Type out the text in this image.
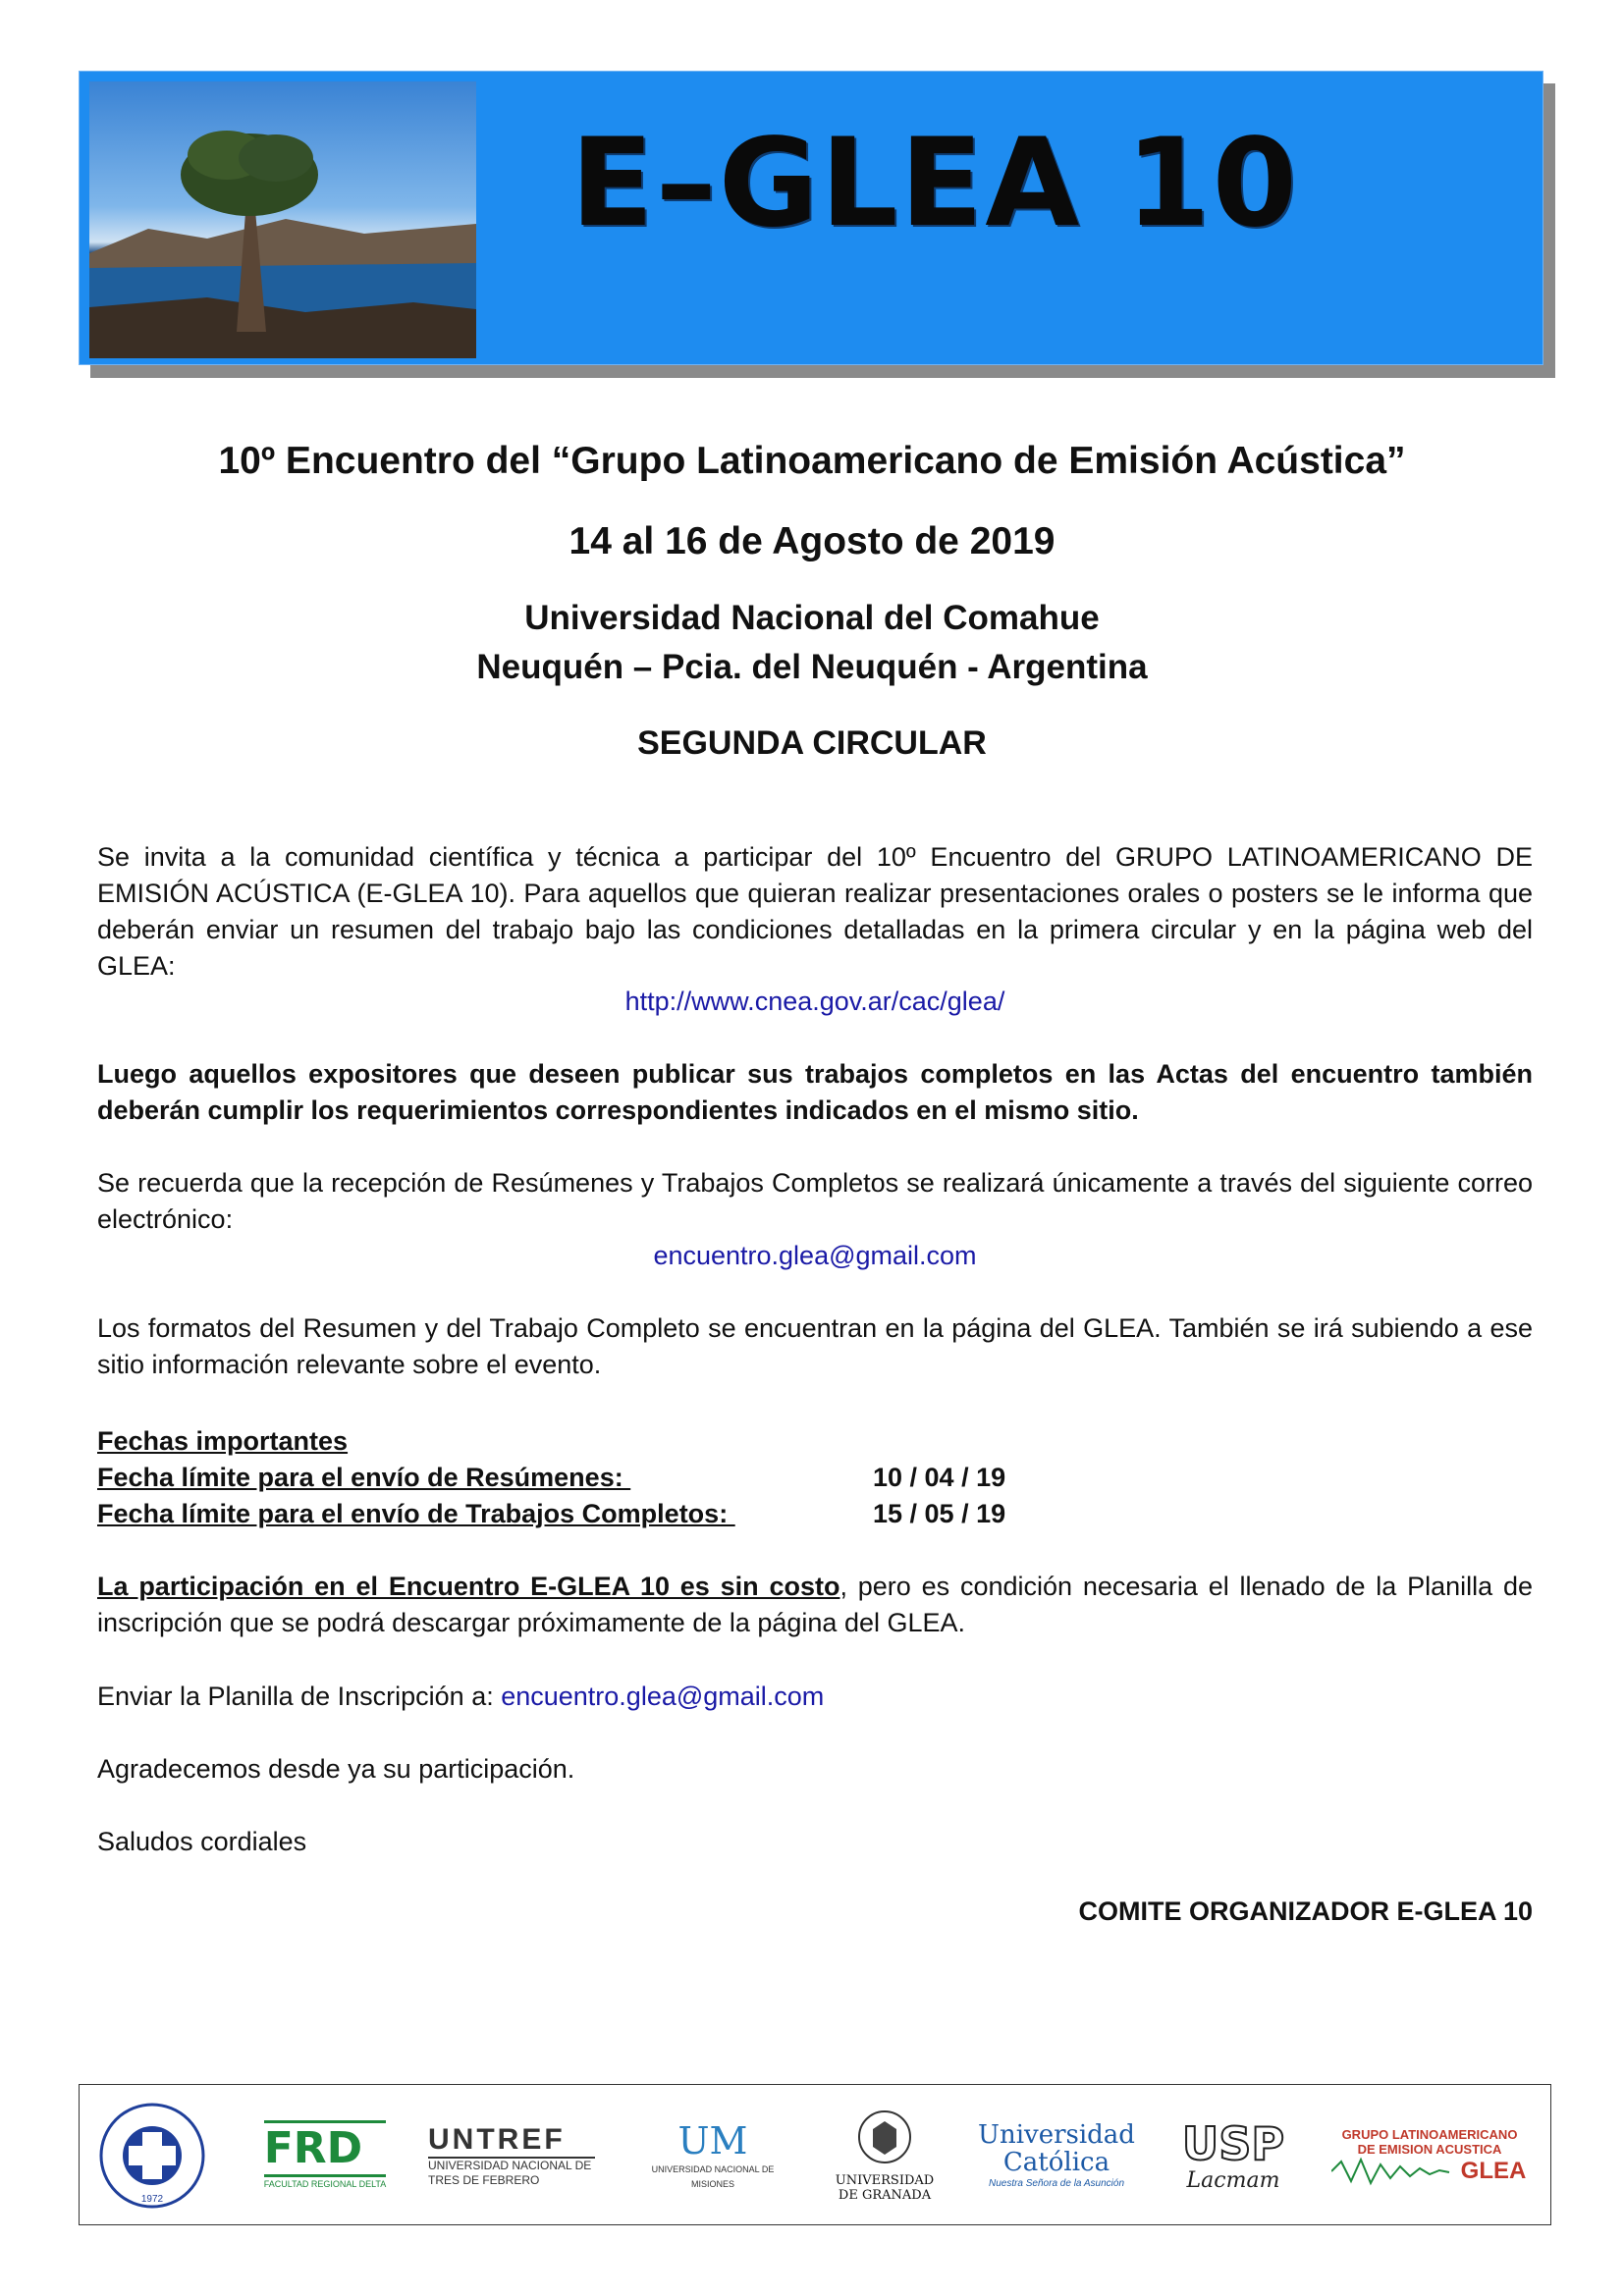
E–GLEA 10
10º Encuentro del “Grupo Latinoamericano de Emisión Acústica”
14 al 16 de Agosto de 2019
Universidad Nacional del Comahue
Neuquén – Pcia. del Neuquén - Argentina
SEGUNDA CIRCULAR
Se invita a la comunidad científica y técnica a participar del 10º Encuentro del GRUPO LATINOAMERICANO DE EMISIÓN ACÚSTICA (E-GLEA 10). Para aquellos que quieran realizar presentaciones orales o posters se le informa que deberán enviar un resumen del trabajo bajo las condiciones detalladas en la primera circular y en la página web del GLEA:
http://www.cnea.gov.ar/cac/glea/
Luego aquellos expositores que deseen publicar sus trabajos completos en las Actas del encuentro también deberán cumplir los requerimientos correspondientes indicados en el mismo sitio.
Se recuerda que la recepción de Resúmenes y Trabajos Completos se realizará únicamente a través del siguiente correo electrónico:
encuentro.glea@gmail.com
Los formatos del Resumen y del Trabajo Completo se encuentran en la página del GLEA. También se irá subiendo a ese sitio información relevante sobre el evento.
Fechas importantes
Fecha límite para el envío de Resúmenes:	10 / 04 / 19
Fecha límite para el envío de Trabajos Completos:	15 / 05 / 19
La participación en el Encuentro E-GLEA 10 es sin costo, pero es condición necesaria el llenado de la Planilla de inscripción que se podrá descargar próximamente de la página del GLEA.
Enviar la Planilla de Inscripción a: encuentro.glea@gmail.com
Agradecemos desde ya su participación.
Saludos cordiales
COMITE ORGANIZADOR E-GLEA 10
1972
FRD
FACULTAD REGIONAL DELTA
UNTREF
UNIVERSIDAD NACIONAL DE TRES DE FEBRERO
UM
UNIVERSIDAD NACIONAL DE MISIONES	UNIVERSIDAD DE GRANADA
Universidad Católica
Nuestra Señora de la Asunción
USP
Lacmam
GRUPO LATINOAMERICANO DE EMISION ACUSTICA
GLEA
